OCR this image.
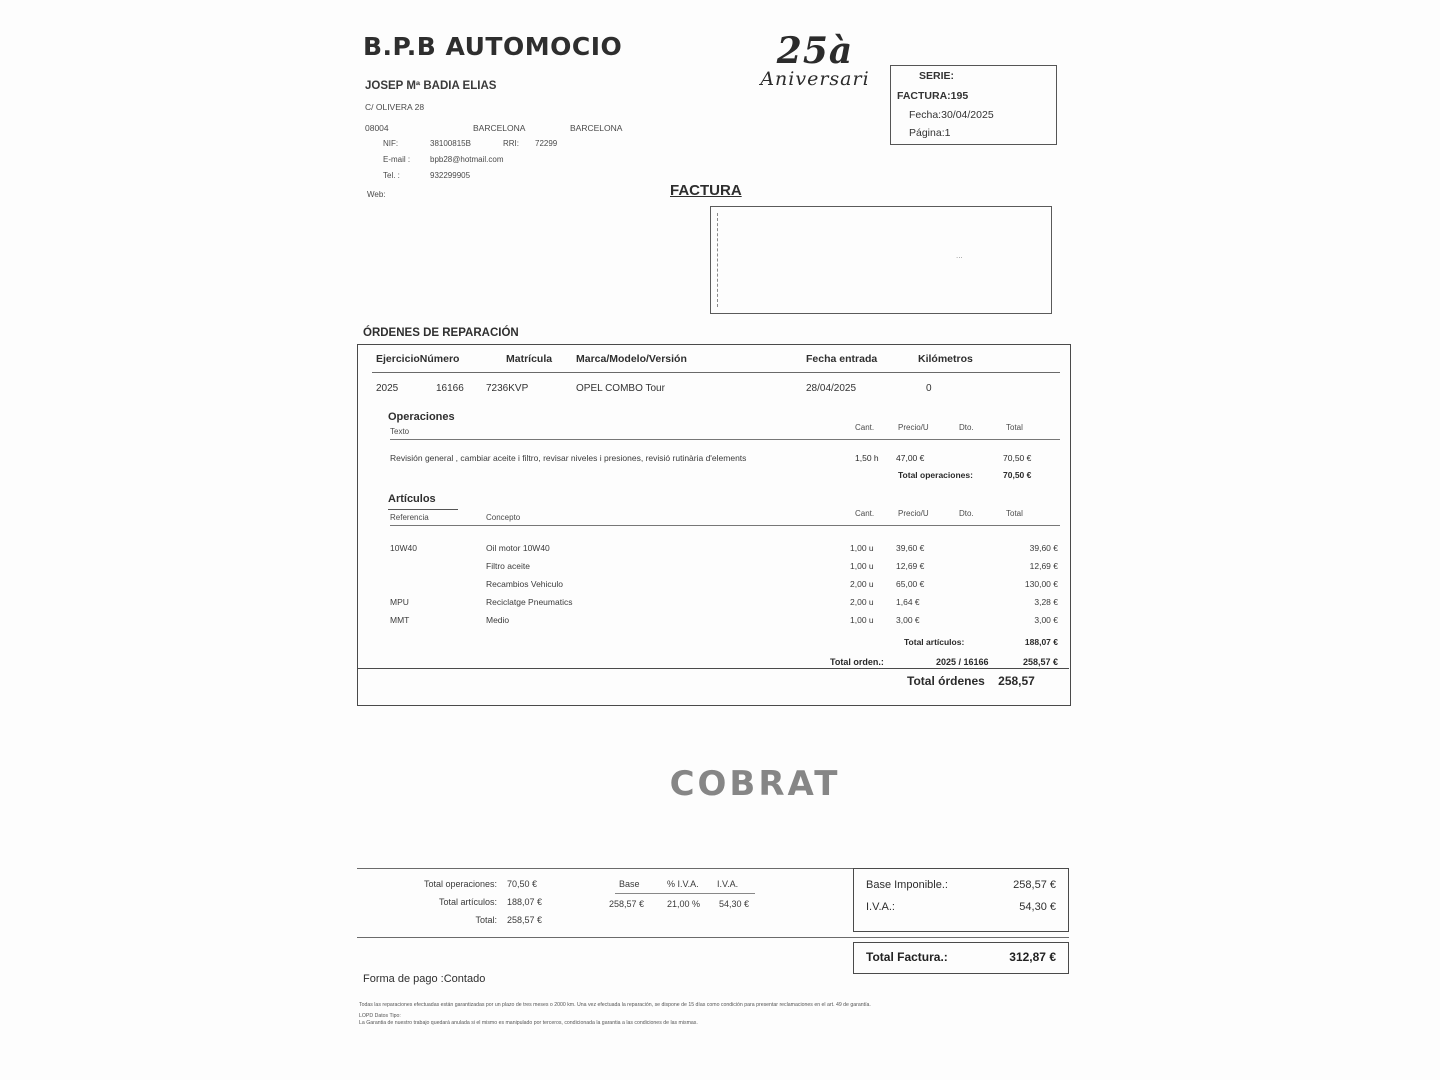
B.P.B AUTOMOCIO
JOSEP Mª BADIA ELIAS
C/ OLIVERA 28
08004	BARCELONA	BARCELONA
NIF:	38100815B	RRI: 72299
E-mail : bpb28@hotmail.com
Tel. :	932299905
Web:
25à
Aniversari	SERIE:
FACTURA:195
Fecha:30/04/2025
Página:1
FACTURA
...
ÓRDENES DE REPARACIÓN
EjercicioNúmero	Matrícula Marca/Modelo/Versión	Fecha entrada	Kilómetros
2025	16166 7236KVP	OPEL COMBO Tour	28/04/2025	0
Operaciones
Texto	Cant.	Precio/U	Dto.	Total
Revisión general , cambiar aceite i filtro, revisar niveles i presiones, revisió rutinària d'elements	1,50 h 47,00 €	70,50 €
Total operaciones:	70,50 €
Artículos
Referencia	Concepto	Cant.	Precio/U	Dto.	Total
10W40	Oil motor 10W40	1,00 u	39,60 €	39,60 €
Filtro aceite	1,00 u	12,69 €	12,69 €
Recambios Vehiculo	2,00 u	65,00 €	130,00 €
MPU	Reciclatge Pneumatics	2,00 u	1,64 €	3,28 €
MMT	Medio	1,00 u	3,00 €	3,00 €
Total artículos:	188,07 €
Total orden.:	2025 / 16166	258,57 €
Total órdenes 258,57
COBRAT
Total operaciones: 70,50 €
Total artículos: 188,07 €
Total: 258,57 €
Base	% I.V.A. I.V.A.
258,57 €	21,00 % 54,30 €
Base Imponible.:	258,57 €
I.V.A.:	54,30 €
Total Factura.:	312,87 €
Forma de pago :Contado
Todas las reparaciones efectuadas están garantizadas por un plazo de tres meses o 2000 km. Una vez efectuada la reparación, se dispone de 15 días como condición para presentar reclamaciones en el art. 49 de garantía.
LOPD Datos Tipo:
La Garantia de nuestro trabajo quedará anulada si el mismo es manipulado por terceros, condicionada la garantia a las condiciones de las mismas.
